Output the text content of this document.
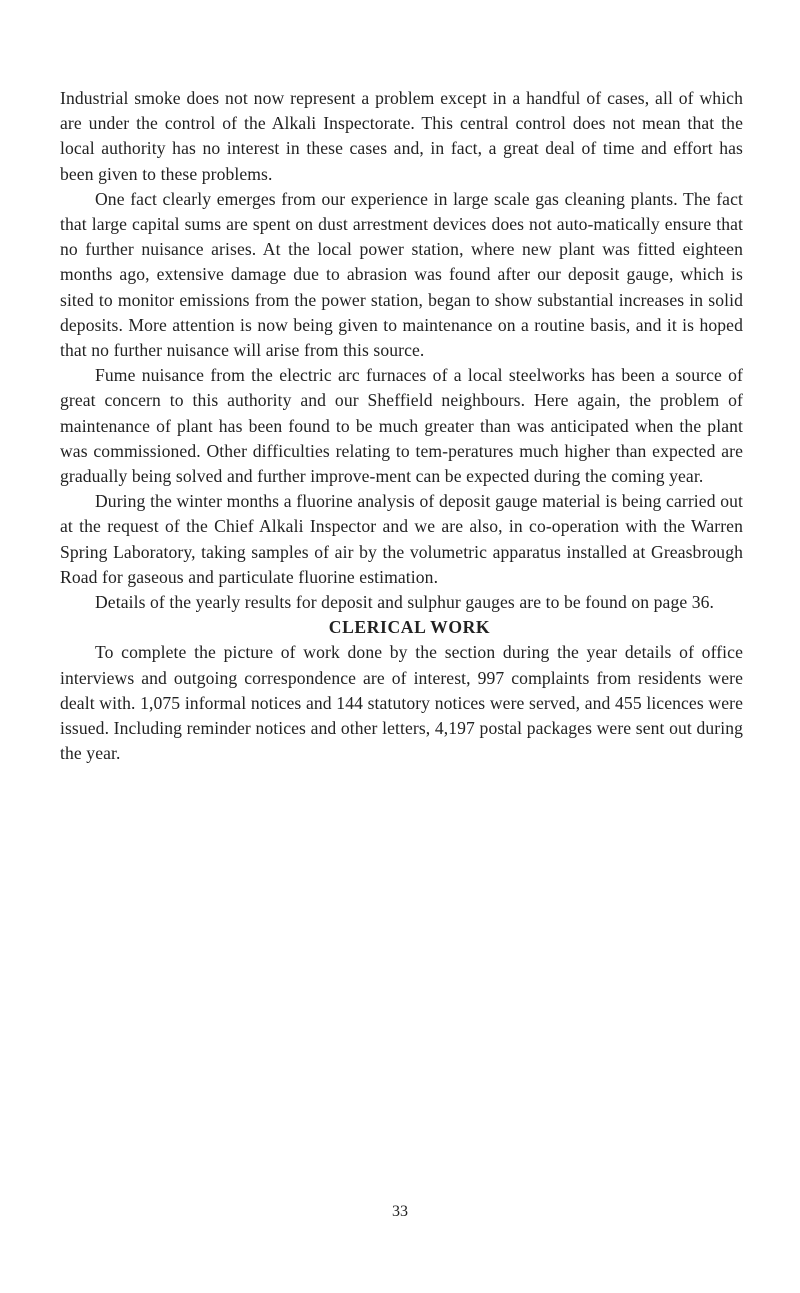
Industrial smoke does not now represent a problem except in a handful of cases, all of which are under the control of the Alkali Inspectorate. This central control does not mean that the local authority has no interest in these cases and, in fact, a great deal of time and effort has been given to these problems.

One fact clearly emerges from our experience in large scale gas cleaning plants. The fact that large capital sums are spent on dust arrestment devices does not auto-matically ensure that no further nuisance arises. At the local power station, where new plant was fitted eighteen months ago, extensive damage due to abrasion was found after our deposit gauge, which is sited to monitor emissions from the power station, began to show substantial increases in solid deposits. More attention is now being given to maintenance on a routine basis, and it is hoped that no further nuisance will arise from this source.

Fume nuisance from the electric arc furnaces of a local steelworks has been a source of great concern to this authority and our Sheffield neighbours. Here again, the problem of maintenance of plant has been found to be much greater than was anticipated when the plant was commissioned. Other difficulties relating to tem-peratures much higher than expected are gradually being solved and further improve-ment can be expected during the coming year.

During the winter months a fluorine analysis of deposit gauge material is being carried out at the request of the Chief Alkali Inspector and we are also, in co-operation with the Warren Spring Laboratory, taking samples of air by the volumetric apparatus installed at Greasbrough Road for gaseous and particulate fluorine estimation.

Details of the yearly results for deposit and sulphur gauges are to be found on page 36.

CLERICAL WORK

To complete the picture of work done by the section during the year details of office interviews and outgoing correspondence are of interest, 997 complaints from residents were dealt with. 1,075 informal notices and 144 statutory notices were served, and 455 licences were issued. Including reminder notices and other letters, 4,197 postal packages were sent out during the year.

33
